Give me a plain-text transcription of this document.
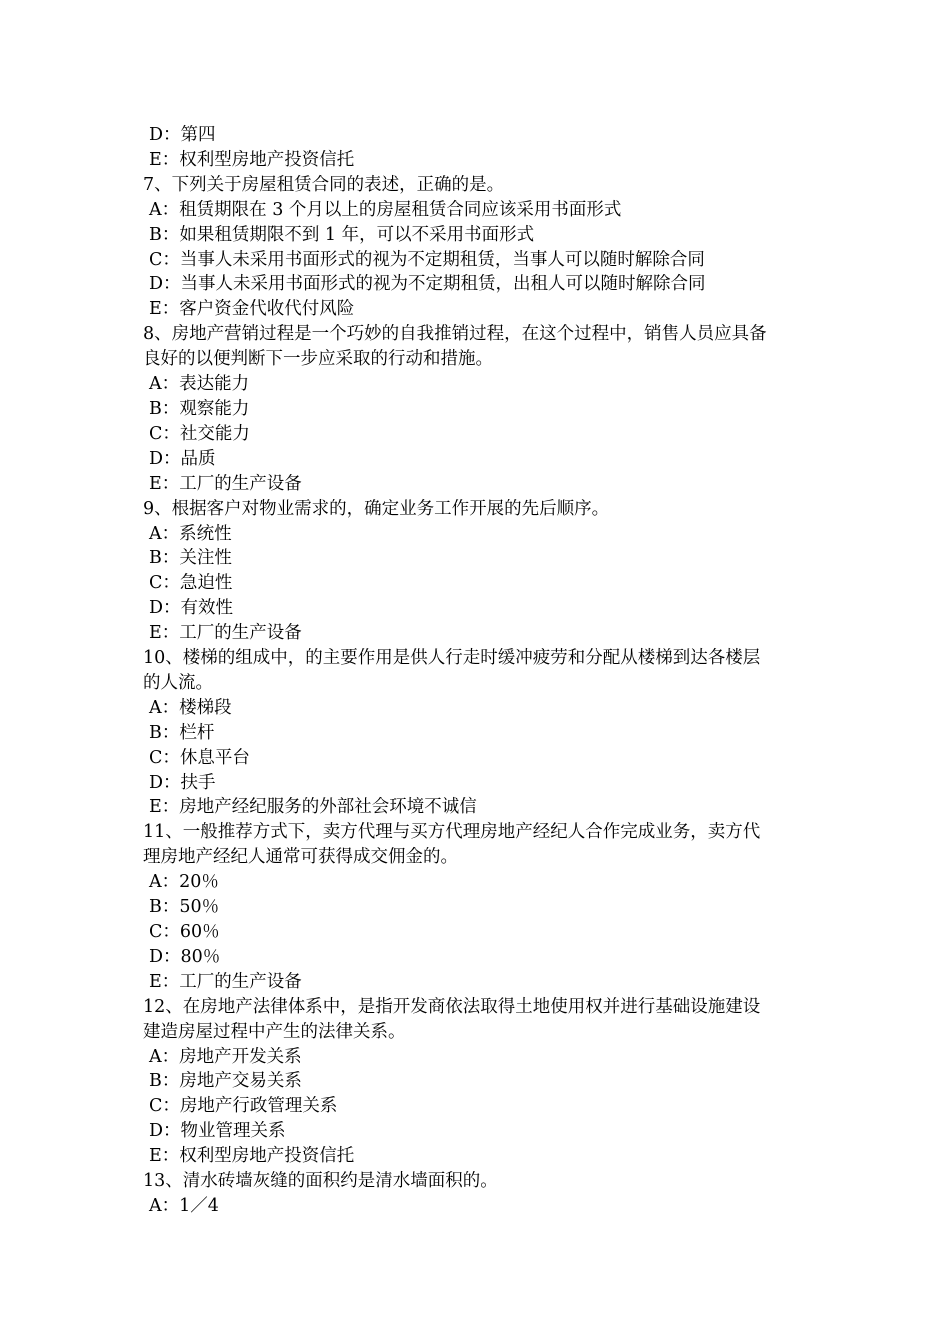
D：第四

E：权利型房地产投资信托

7、下列关于房屋租赁合同的表述，正确的是。

A：租赁期限在 3 个月以上的房屋租赁合同应该采用书面形式

B：如果租赁期限不到 1 年，可以不采用书面形式

C：当事人未采用书面形式的视为不定期租赁，当事人可以随时解除合同

D：当事人未采用书面形式的视为不定期租赁，出租人可以随时解除合同

E：客户资金代收代付风险

8、房地产营销过程是一个巧妙的自我推销过程，在这个过程中，销售人员应具备

良好的以便判断下一步应采取的行动和措施。

A：表达能力

B：观察能力

C：社交能力

D：品质

E：工厂的生产设备

9、根据客户对物业需求的，确定业务工作开展的先后顺序。

A：系统性

B：关注性

C：急迫性

D：有效性

E：工厂的生产设备

10、楼梯的组成中，的主要作用是供人行走时缓冲疲劳和分配从楼梯到达各楼层

的人流。

A：楼梯段

B：栏杆

C：休息平台

D：扶手

E：房地产经纪服务的外部社会环境不诚信

11、一般推荐方式下，卖方代理与买方代理房地产经纪人合作完成业务，卖方代

理房地产经纪人通常可获得成交佣金的。

A：20％

B：50％

C：60％

D：80％

E：工厂的生产设备

12、在房地产法律体系中，是指开发商依法取得土地使用权并进行基础设施建设

建造房屋过程中产生的法律关系。

A：房地产开发关系

B：房地产交易关系

C：房地产行政管理关系

D：物业管理关系

E：权利型房地产投资信托

13、清水砖墙灰缝的面积约是清水墙面积的。

A：1／4
